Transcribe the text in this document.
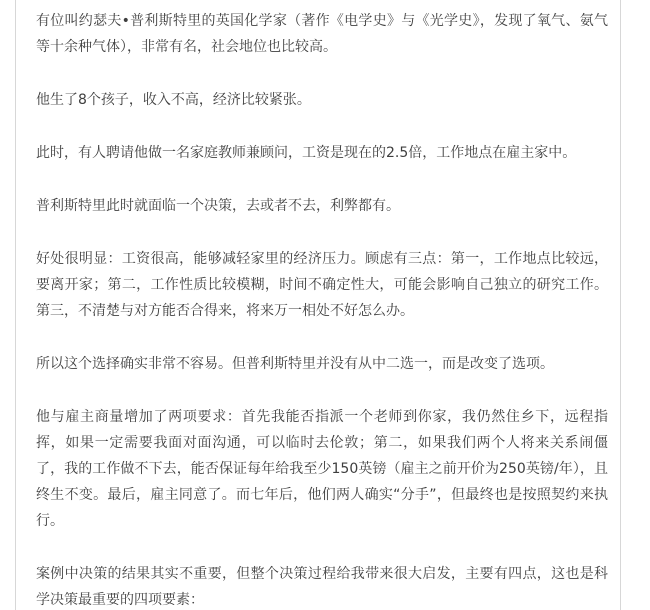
有位叫约瑟夫•普利斯特里的英国化学家（著作《电学史》与《光学史》，发现了氧气、氨气等十余种气体），非常有名，社会地位也比较高。

他生了8个孩子，收入不高，经济比较紧张。

此时，有人聘请他做一名家庭教师兼顾问，工资是现在的2.5倍，工作地点在雇主家中。

普利斯特里此时就面临一个决策，去或者不去，利弊都有。

好处很明显：工资很高，能够减轻家里的经济压力。顾虑有三点：第一，工作地点比较远，要离开家；第二，工作性质比较模糊，时间不确定性大，可能会影响自己独立的研究工作。第三，不清楚与对方能否合得来，将来万一相处不好怎么办。

所以这个选择确实非常不容易。但普利斯特里并没有从中二选一，而是改变了选项。

他与雇主商量增加了两项要求：首先我能否指派一个老师到你家，我仍然住乡下，远程指挥，如果一定需要我面对面沟通，可以临时去伦敦；第二，如果我们两个人将来关系闹僵了，我的工作做不下去，能否保证每年给我至少150英镑（雇主之前开价为250英镑/年），且终生不变。最后，雇主同意了。而七年后，他们两人确实“分手”，但最终也是按照契约来执行。

案例中决策的结果其实不重要，但整个决策过程给我带来很大启发，主要有四点，这也是科学决策最重要的四项要素：
